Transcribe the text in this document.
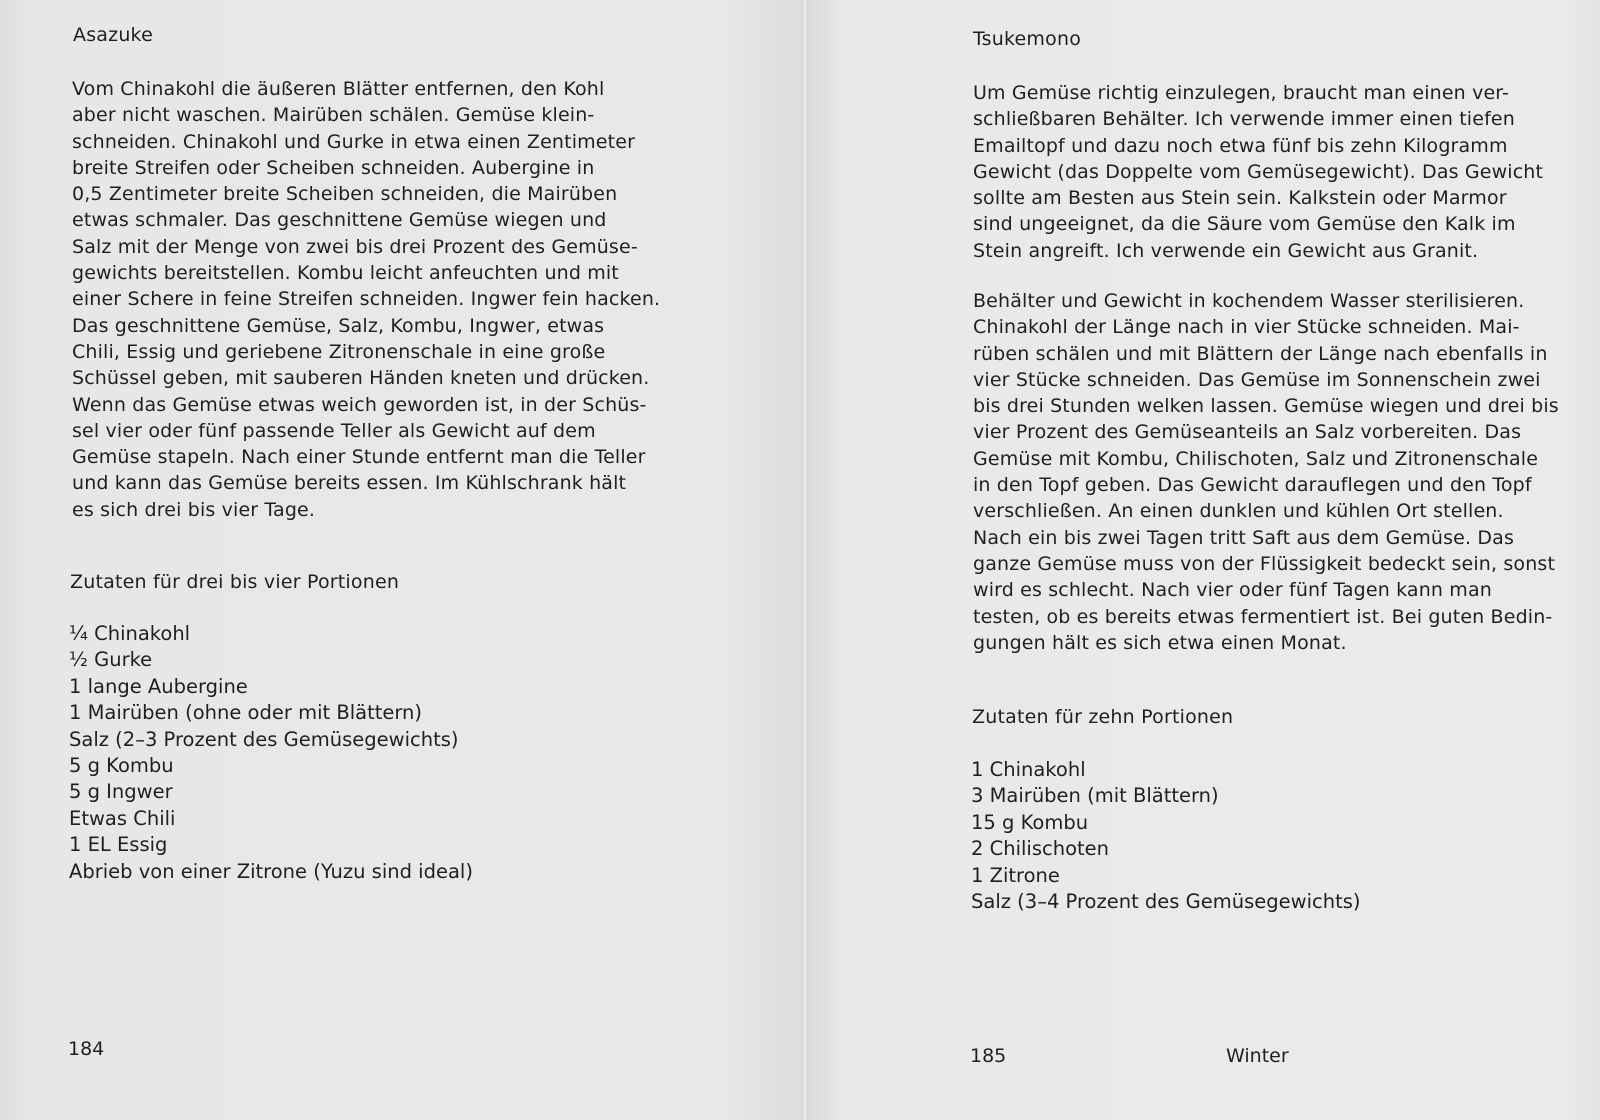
Asazuke
Vom Chinakohl die äußeren Blätter entfernen, den Kohl
aber nicht waschen. Mairüben schälen. Gemüse klein-
schneiden. Chinakohl und Gurke in etwa einen Zentimeter
breite Streifen oder Scheiben schneiden. Aubergine in
0,5 Zentimeter breite Scheiben schneiden, die Mairüben
etwas schmaler. Das geschnittene Gemüse wiegen und
Salz mit der Menge von zwei bis drei Prozent des Gemüse-
gewichts bereitstellen. Kombu leicht anfeuchten und mit
einer Schere in feine Streifen schneiden. Ingwer fein hacken.
Das geschnittene Gemüse, Salz, Kombu, Ingwer, etwas
Chili, Essig und geriebene Zitronenschale in eine große
Schüssel geben, mit sauberen Händen kneten und drücken.
Wenn das Gemüse etwas weich geworden ist, in der Schüs-
sel vier oder fünf passende Teller als Gewicht auf dem
Gemüse stapeln. Nach einer Stunde entfernt man die Teller
und kann das Gemüse bereits essen. Im Kühlschrank hält
es sich drei bis vier Tage.
Zutaten für drei bis vier Portionen
¼ Chinakohl
½ Gurke
1 lange Aubergine
1 Mairüben (ohne oder mit Blättern)
Salz (2–3 Prozent des Gemüsegewichts)
5 g Kombu
5 g Ingwer
Etwas Chili
1 EL Essig
Abrieb von einer Zitrone (Yuzu sind ideal)
184
Tsukemono
Um Gemüse richtig einzulegen, braucht man einen ver-
schließbaren Behälter. Ich verwende immer einen tiefen
Emailtopf und dazu noch etwa fünf bis zehn Kilogramm
Gewicht (das Doppelte vom Gemüsegewicht). Das Gewicht
sollte am Besten aus Stein sein. Kalkstein oder Marmor
sind ungeeignet, da die Säure vom Gemüse den Kalk im
Stein angreift. Ich verwende ein Gewicht aus Granit.
Behälter und Gewicht in kochendem Wasser sterilisieren.
Chinakohl der Länge nach in vier Stücke schneiden. Mai-
rüben schälen und mit Blättern der Länge nach ebenfalls in
vier Stücke schneiden. Das Gemüse im Sonnenschein zwei
bis drei Stunden welken lassen. Gemüse wiegen und drei bis
vier Prozent des Gemüseanteils an Salz vorbereiten. Das
Gemüse mit Kombu, Chilischoten, Salz und Zitronenschale
in den Topf geben. Das Gewicht darauflegen und den Topf
verschließen. An einen dunklen und kühlen Ort stellen.
Nach ein bis zwei Tagen tritt Saft aus dem Gemüse. Das
ganze Gemüse muss von der Flüssigkeit bedeckt sein, sonst
wird es schlecht. Nach vier oder fünf Tagen kann man
testen, ob es bereits etwas fermentiert ist. Bei guten Bedin-
gungen hält es sich etwa einen Monat.
Zutaten für zehn Portionen
1 Chinakohl
3 Mairüben (mit Blättern)
15 g Kombu
2 Chilischoten
1 Zitrone
Salz (3–4 Prozent des Gemüsegewichts)
185	Winter
